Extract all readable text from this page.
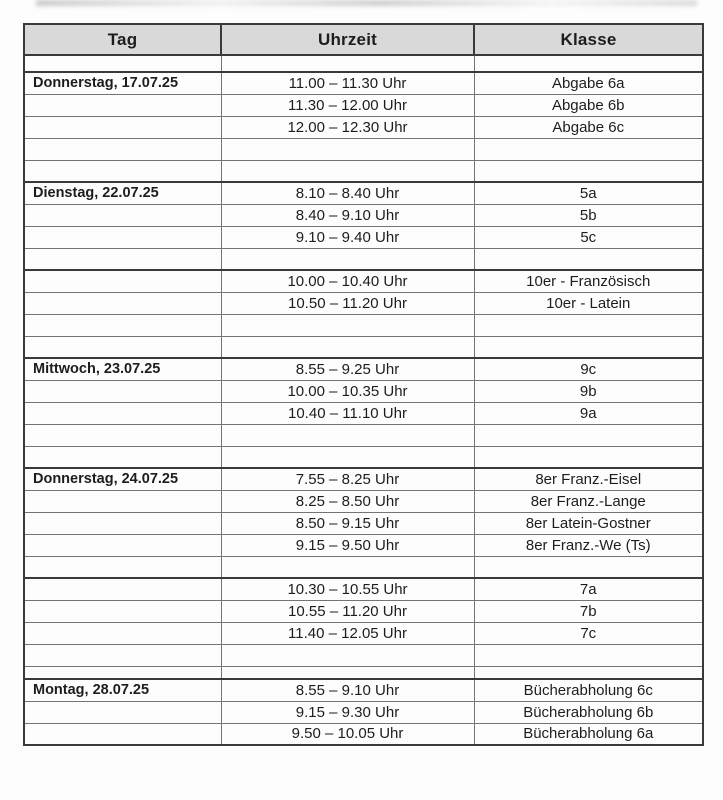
Tag	Uhrzeit	Klasse

Donnerstag, 17.07.25	11.00 – 11.30 Uhr	Abgabe 6a
	11.30 – 12.00 Uhr	Abgabe 6b
	12.00 – 12.30 Uhr	Abgabe 6c

Dienstag, 22.07.25	8.10 – 8.40 Uhr	5a
	8.40 – 9.10 Uhr	5b
	9.10 – 9.40 Uhr	5c

	10.00 – 10.40 Uhr	10er - Französisch
	10.50 – 11.20 Uhr	10er - Latein

Mittwoch, 23.07.25	8.55 – 9.25 Uhr	9c
	10.00 – 10.35 Uhr	9b
	10.40 – 11.10 Uhr	9a

Donnerstag, 24.07.25	7.55 – 8.25 Uhr	8er Franz.-Eisel
	8.25 – 8.50 Uhr	8er Franz.-Lange
	8.50 – 9.15 Uhr	8er Latein-Gostner
	9.15 – 9.50 Uhr	8er Franz.-We (Ts)

	10.30 – 10.55 Uhr	7a
	10.55 – 11.20 Uhr	7b
	11.40 – 12.05 Uhr	7c

Montag, 28.07.25	8.55 – 9.10 Uhr	Bücherabholung 6c
	9.15 – 9.30 Uhr	Bücherabholung 6b
	9.50 – 10.05 Uhr	Bücherabholung 6a
